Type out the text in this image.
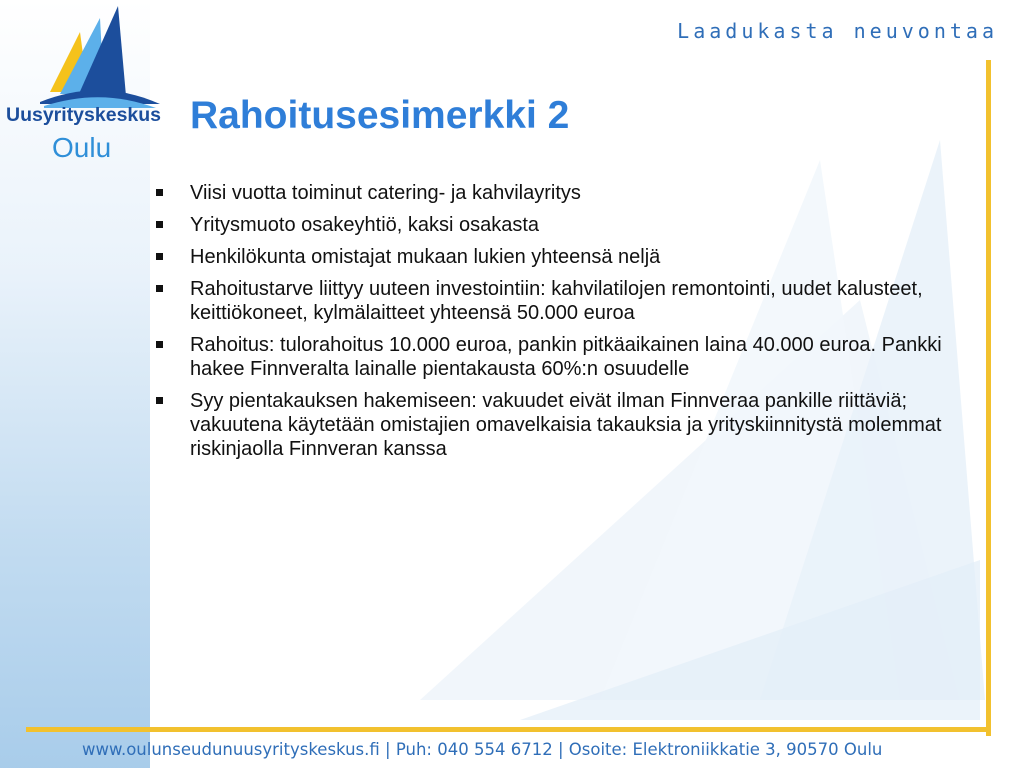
Uusyrityskeskus
Oulu
Laadukasta neuvontaa
Rahoitusesimerkki 2
Viisi vuotta toiminut catering- ja kahvilayritys
Yritysmuoto osakeyhtiö, kaksi osakasta
Henkilökunta omistajat mukaan lukien yhteensä neljä
Rahoitustarve liittyy uuteen investointiin: kahvilatilojen remontointi, uudet kalusteet, keittiökoneet, kylmälaitteet yhteensä 50.000 euroa
Rahoitus: tulorahoitus 10.000 euroa, pankin pitkäaikainen laina 40.000 euroa. Pankki hakee Finnveralta lainalle pientakausta 60%:n osuudelle
Syy pientakauksen hakemiseen: vakuudet eivät ilman Finnveraa pankille riittäviä; vakuutena käytetään omistajien omavelkaisia takauksia ja yrityskiinnitystä molemmat riskinjaolla Finnveran kanssa
www.oulunseudunuusyrityskeskus.fi | Puh: 040 554 6712 | Osoite: Elektroniikkatie 3, 90570 Oulu
